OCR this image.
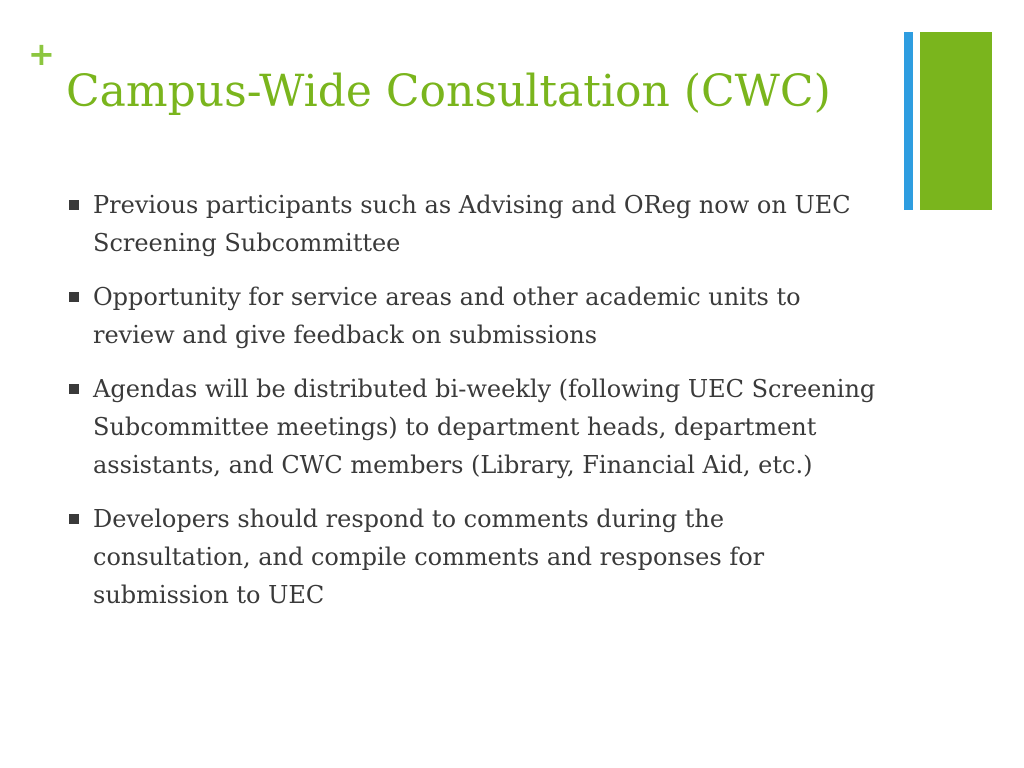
+
Campus-Wide Consultation (CWC)
Previous participants such as Advising and OReg now on UEC Screening Subcommittee
Opportunity for service areas and other academic units to review and give feedback on submissions
Agendas will be distributed bi-weekly (following UEC Screening Subcommittee meetings) to department heads, department assistants, and CWC members (Library, Financial Aid, etc.)
Developers should respond to comments during the consultation, and compile comments and responses for submission to UEC
